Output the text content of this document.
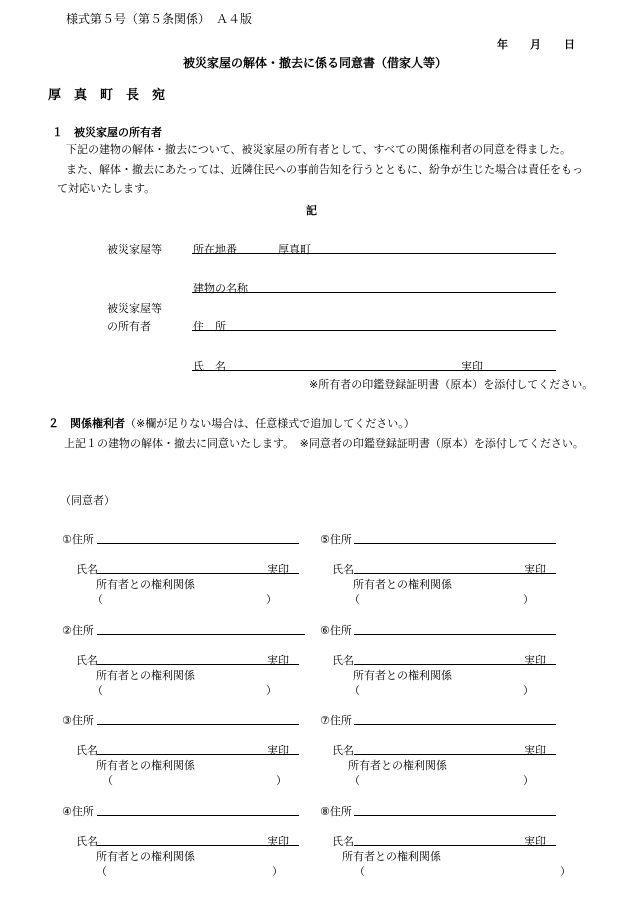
様式第５号（第５条関係）　Ａ４版
年 月 日
被災家屋の解体・撤去に係る同意書（借家人等）
厚　真　町　長　宛
１　被災家屋の所有者
下記の建物の解体・撤去について、被災家屋の所有者として、すべての関係権利者の同意を得ました。
また、解体・撤去にあたっては、近隣住民への事前告知を行うとともに、紛争が生じた場合は責任をもっ
て対応いたします。
記
被災家屋等	所在地番	厚真町
建物の名称
被災家屋等
の所有者	住　所
氏　名	実印
※所有者の印鑑登録証明書（原本）を添付してください。
２　関係権利者（※欄が足りない場合は、任意様式で追加してください。）
上記１の建物の解体・撤去に同意いたします。　※同意者の印鑑登録証明書（原本）を添付してください。
（同意者）
①住所
氏名	実印
所有者との権利関係
（	）
②住所
氏名	実印
所有者との権利関係
（	）
③住所
氏名	実印
所有者との権利関係
（	）
④住所
氏名	実印
所有者との権利関係
（	）
⑤住所
氏名	実印
所有者との権利関係
（	）
⑥住所
氏名	実印
所有者との権利関係
（	）
⑦住所
氏名	実印
所有者との権利関係
（	）
⑧住所
氏名	実印
所有者との権利関係
（	）
